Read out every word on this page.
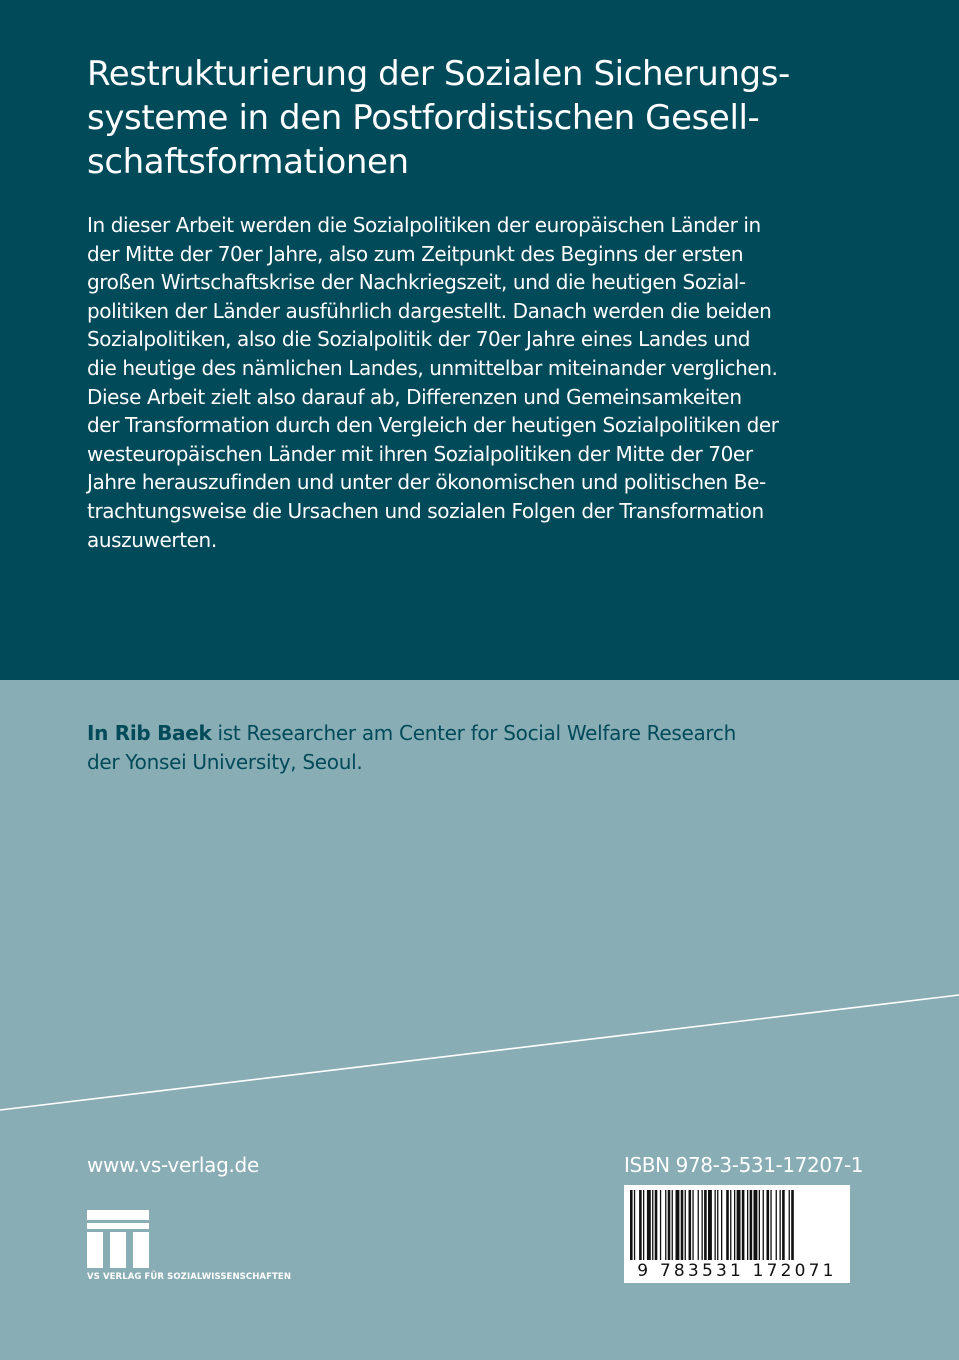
Restrukturierung der Sozialen Sicherungs-
systeme in den Postfordistischen Gesell-
schaftsformationen

In dieser Arbeit werden die Sozialpolitiken der europäischen Länder in
der Mitte der 70er Jahre, also zum Zeitpunkt des Beginns der ersten
großen Wirtschaftskrise der Nachkriegszeit, und die heutigen Sozial-
politiken der Länder ausführlich dargestellt. Danach werden die beiden
Sozialpolitiken, also die Sozialpolitik der 70er Jahre eines Landes und
die heutige des nämlichen Landes, unmittelbar miteinander verglichen.
Diese Arbeit zielt also darauf ab, Differenzen und Gemeinsamkeiten
der Transformation durch den Vergleich der heutigen Sozialpolitiken der
westeuropäischen Länder mit ihren Sozialpolitiken der Mitte der 70er
Jahre herauszufinden und unter der ökonomischen und politischen Be-
trachtungsweise die Ursachen und sozialen Folgen der Transformation
auszuwerten.

In Rib Baek ist Researcher am Center for Social Welfare Research
der Yonsei University, Seoul.

www.vs-verlag.de
VS VERLAG FÜR SOZIALWISSENSCHAFTEN
ISBN 978-3-531-17207-1
9 783531 172071
